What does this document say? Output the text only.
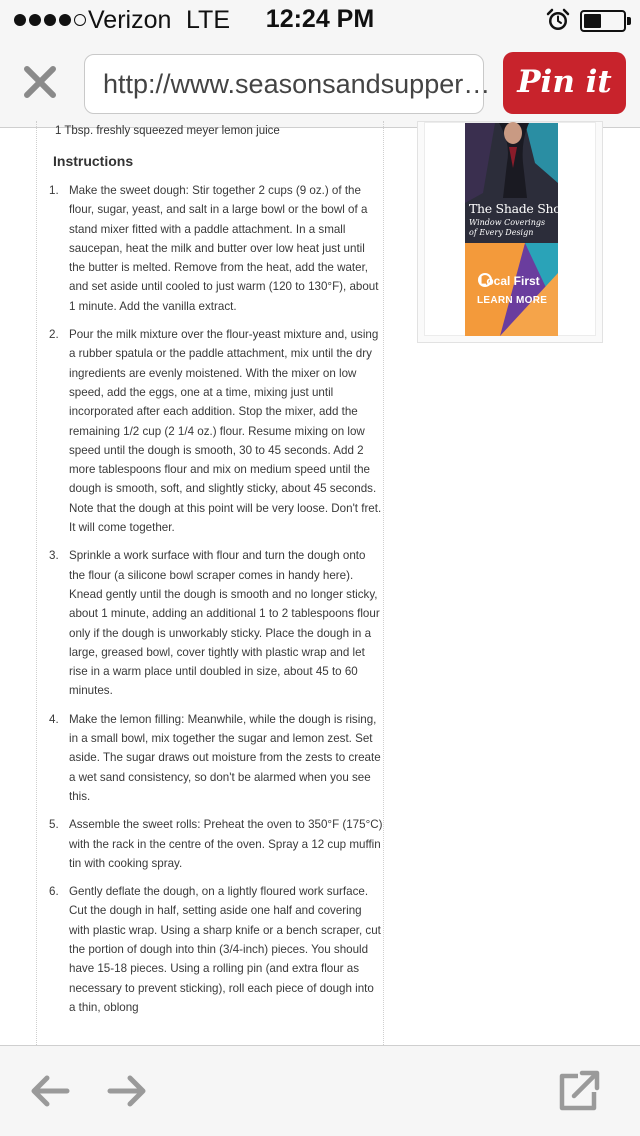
Verizon LTE	12:24 PM
http://www.seasonsandsupper… Pin it
1 Tbsp. freshly squeezed meyer lemon juice
Instructions
1. Make the sweet dough: Stir together 2 cups (9 oz.) of the flour, sugar, yeast, and salt in a large bowl or the bowl of a stand mixer fitted with a paddle attachment. In a small saucepan, heat the milk and butter over low heat just until the butter is melted. Remove from the heat, add the water, and set aside until cooled to just warm (120 to 130°F), about 1 minute. Add the vanilla extract.
2. Pour the milk mixture over the flour-yeast mixture and, using a rubber spatula or the paddle attachment, mix until the dry ingredients are evenly moistened. With the mixer on low speed, add the eggs, one at a time, mixing just until incorporated after each addition. Stop the mixer, add the remaining 1/2 cup (2 1/4 oz.) flour. Resume mixing on low speed until the dough is smooth, 30 to 45 seconds. Add 2 more tablespoons flour and mix on medium speed until the dough is smooth, soft, and slightly sticky, about 45 seconds. Note that the dough at this point will be very loose. Don't fret. It will come together.
3. Sprinkle a work surface with flour and turn the dough onto the flour (a silicone bowl scraper comes in handy here). Knead gently until the dough is smooth and no longer sticky, about 1 minute, adding an additional 1 to 2 tablespoons flour only if the dough is unworkably sticky. Place the dough in a large, greased bowl, cover tightly with plastic wrap and let rise in a warm place until doubled in size, about 45 to 60 minutes.
4. Make the lemon filling: Meanwhile, while the dough is rising, in a small bowl, mix together the sugar and lemon zest. Set aside. The sugar draws out moisture from the zests to create a wet sand consistency, so don't be alarmed when you see this.
5. Assemble the sweet rolls: Preheat the oven to 350°F (175°C) with the rack in the centre of the oven. Spray a 12 cup muffin tin with cooking spray.
6. Gently deflate the dough, on a lightly floured work surface. Cut the dough in half, setting aside one half and covering with plastic wrap. Using a sharp knife or a bench scraper, cut the portion of dough into thin (3/4-inch) pieces. You should have 15-18 pieces. Using a rolling pin (and extra flour as necessary to prevent sticking), roll each piece of dough into a thin, oblong
The Shade Shop
Window Coverings of Every Design
Local First
LEARN MORE
